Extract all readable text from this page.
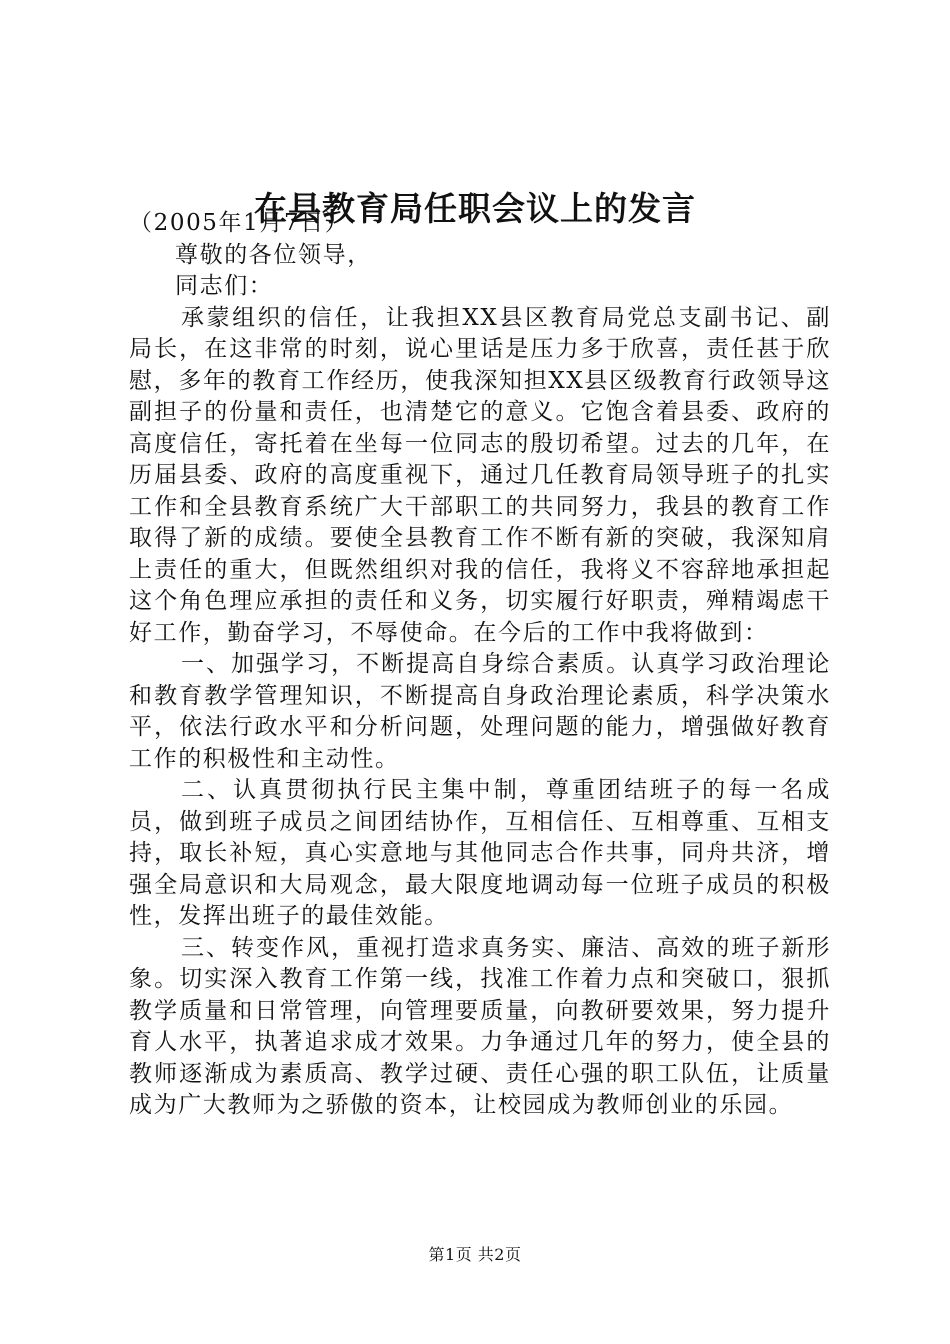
在县教育局任职会议上的发言

（2005年1月7日）

尊敬的各位领导，

同志们：

承蒙组织的信任，让我担XX县区教育局党总支副书记、副局长，在这非常的时刻，说心里话是压力多于欣喜，责任甚于欣慰，多年的教育工作经历，使我深知担XX县区级教育行政领导这副担子的份量和责任，也清楚它的意义。它饱含着县委、政府的高度信任，寄托着在坐每一位同志的殷切希望。过去的几年，在历届县委、政府的高度重视下，通过几任教育局领导班子的扎实工作和全县教育系统广大干部职工的共同努力，我县的教育工作取得了新的成绩。要使全县教育工作不断有新的突破，我深知肩上责任的重大，但既然组织对我的信任，我将义不容辞地承担起这个角色理应承担的责任和义务，切实履行好职责，殚精竭虑干好工作，勤奋学习，不辱使命。在今后的工作中我将做到：

一、加强学习，不断提高自身综合素质。认真学习政治理论和教育教学管理知识，不断提高自身政治理论素质，科学决策水平，依法行政水平和分析问题，处理问题的能力，增强做好教育工作的积极性和主动性。

二、认真贯彻执行民主集中制，尊重团结班子的每一名成员，做到班子成员之间团结协作，互相信任、互相尊重、互相支持，取长补短，真心实意地与其他同志合作共事，同舟共济，增强全局意识和大局观念，最大限度地调动每一位班子成员的积极性，发挥出班子的最佳效能。

三、转变作风，重视打造求真务实、廉洁、高效的班子新形象。切实深入教育工作第一线，找准工作着力点和突破口，狠抓教学质量和日常管理，向管理要质量，向教研要效果，努力提升育人水平，执著追求成才效果。力争通过几年的努力，使全县的教师逐渐成为素质高、教学过硬、责任心强的职工队伍，让质量成为广大教师为之骄傲的资本，让校园成为教师创业的乐园。

第1页 共2页
